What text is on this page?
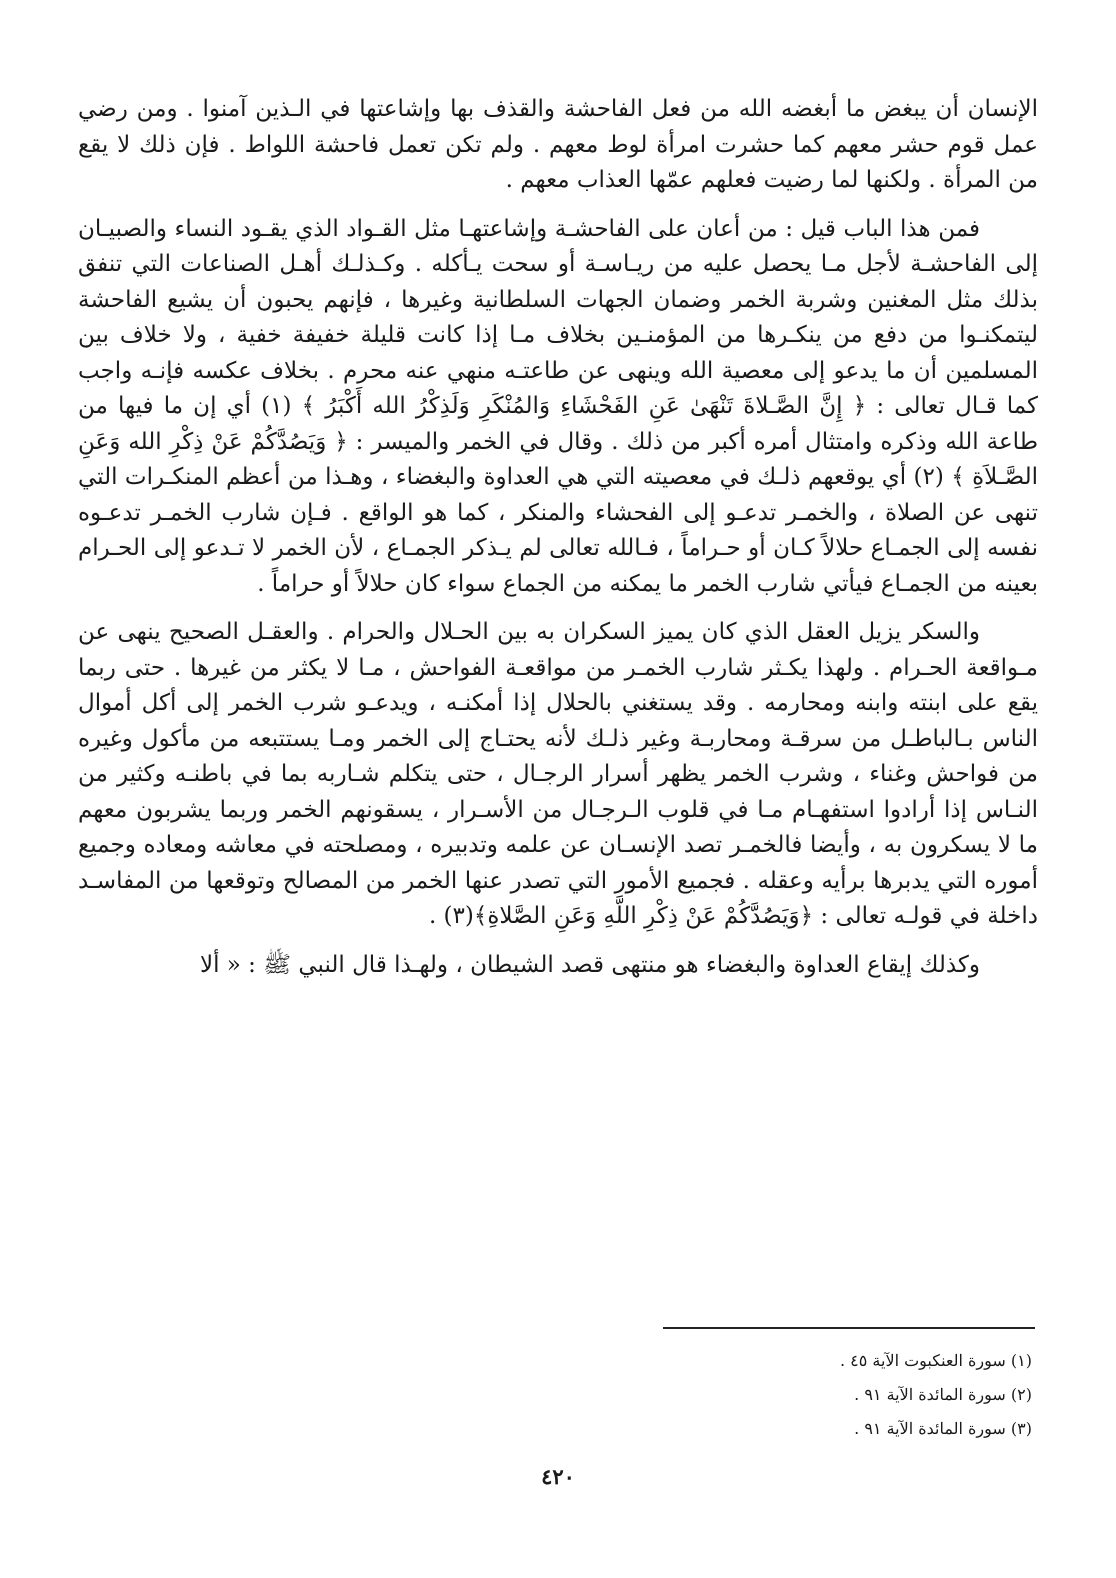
الإنسان أن يبغض ما أبغضه الله من فعل الفاحشة والقذف بها وإشاعتها في الـذين آمنوا . ومن رضي عمل قوم حشر معهم كما حشرت امرأة لوط معهم . ولم تكن تعمل فاحشة اللواط . فإن ذلك لا يقع من المرأة . ولكنها لما رضيت فعلهم عمّها العذاب معهم .

فمن هذا الباب قيل : من أعان على الفاحشـة وإشاعتهـا مثل القـواد الذي يقـود النساء والصبيـان إلى الفاحشـة لأجل مـا يحصل عليه من ريـاسـة أو سحت يـأكله . وكـذلـك أهـل الصناعات التي تنفق بذلك مثل المغنين وشربة الخمر وضمان الجهات السلطانية وغيرها ، فإنهم يحبون أن يشيع الفاحشة ليتمكنـوا من دفع من ينكـرها من المؤمنـين بخلاف مـا إذا كانت قليلة خفيفة خفية ، ولا خلاف بين المسلمين أن ما يدعو إلى معصية الله وينهى عن طاعتـه منهي عنه محرم . بخلاف عكسه فإنـه واجب كما قـال تعالى : ﴿ إِنَّ الصَّـلاةَ تَنْهَىٰ عَنِ الفَحْشَاءِ وَالمُنْكَرِ وَلَذِكْرُ الله أَكْبَرُ ﴾ (١) أي إن ما فيها من طاعة الله وذكره وامتثال أمره أكبر من ذلك . وقال في الخمر والميسر : ﴿ وَيَصُدَّكُمْ عَنْ ذِكْرِ الله وَعَنِ الصَّـلاَةِ ﴾ (٢) أي يوقعهم ذلـك في معصيته التي هي العداوة والبغضاء ، وهـذا من أعظم المنكـرات التي تنهى عن الصلاة ، والخمـر تدعـو إلى الفحشاء والمنكر ، كما هو الواقع . فـإن شارب الخمـر تدعـوه نفسه إلى الجمـاع حلالاً كـان أو حـراماً ، فـالله تعالى لم يـذكر الجمـاع ، لأن الخمر لا تـدعو إلى الحـرام بعينه من الجمـاع فيأتي شارب الخمر ما يمكنه من الجماع سواء كان حلالاً أو حراماً .

والسكر يزيل العقل الذي كان يميز السكران به بين الحـلال والحرام . والعقـل الصحيح ينهى عن مـواقعة الحـرام . ولهذا يكـثر شارب الخمـر من مواقعـة الفواحش ، مـا لا يكثر من غيرها . حتى ربما يقع على ابنته وابنه ومحارمه . وقد يستغني بالحلال إذا أمكنـه ، ويدعـو شرب الخمر إلى أكل أموال الناس بـالباطـل من سرقـة ومحاربـة وغير ذلـك لأنه يحتـاج إلى الخمر ومـا يستتبعه من مأكول وغيره من فواحش وغناء ، وشرب الخمر يظهر أسرار الرجـال ، حتى يتكلم شـاربه بما في باطنـه وكثير من النـاس إذا أرادوا استفهـام مـا في قلوب الـرجـال من الأسـرار ، يسقونهم الخمر وربما يشربون معهم ما لا يسكرون به ، وأيضا فالخمـر تصد الإنسـان عن علمه وتدبيره ، ومصلحته في معاشه ومعاده وجميع أموره التي يدبرها برأيه وعقله . فجميع الأمور التي تصدر عنها الخمر من المصالح وتوقعها من المفاسـد داخلة في قولـه تعالى : ﴿وَيَصُدَّكُمْ عَنْ ذِكْرِ اللَّهِ وَعَنِ الصَّلاةِ﴾(٣) .

وكذلك إيقاع العداوة والبغضاء هو منتهى قصد الشيطان ، ولهـذا قال النبي ﷺ : « ألا

(١) سورة العنكبوت الآية ٤٥ .
(٢) سورة المائدة الآية ٩١ .
(٣) سورة المائدة الآية ٩١ .
٤٢٠
